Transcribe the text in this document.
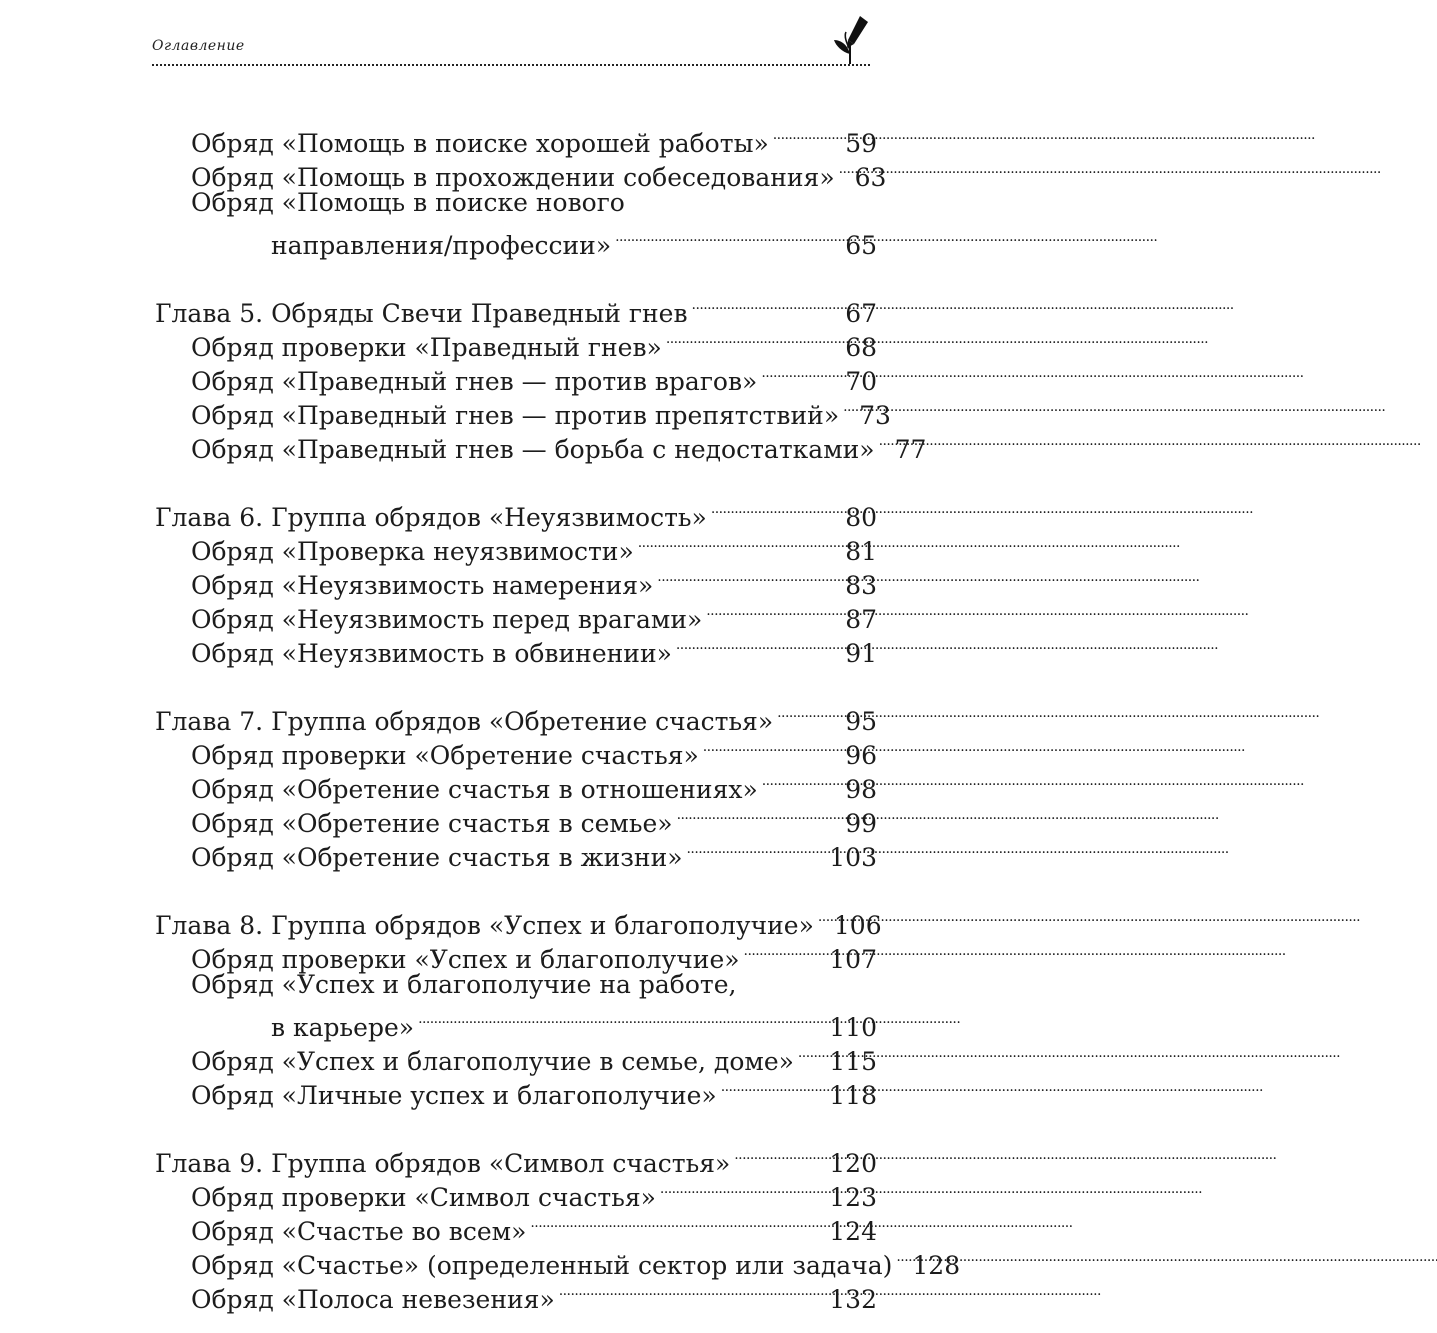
Оглавление
Обряд «Помощь в поиске хорошей работы» . . .	59
Обряд «Помощь в прохождении собеседования» . . . 63
Обряд «Помощь в поиске нового
направления/профессии» . . .	65
Глава 5. Обряды Свечи Праведный гнев . . .	67
Обряд проверки «Праведный гнев» . . .	68
Обряд «Праведный гнев — против врагов» . . .	70
Обряд «Праведный гнев — против препятствий» . . . 73
Обряд «Праведный гнев — борьба с недостатками» . . . 77
Глава 6. Группа обрядов «Неуязвимость» . . .	80
Обряд «Проверка неуязвимости» . . .	81
Обряд «Неуязвимость намерения» . . .	83
Обряд «Неуязвимость перед врагами» . . .	87
Обряд «Неуязвимость в обвинении» . . .	91
Глава 7. Группа обрядов «Обретение счастья» . . .	95
Обряд проверки «Обретение счастья» . . .	96
Обряд «Обретение счастья в отношениях» . . .	98
Обряд «Обретение счастья в семье» . . .	99
Обряд «Обретение счастья в жизни» . . .	103
Глава 8. Группа обрядов «Успех и благополучие» . . . 106
Обряд проверки «Успех и благополучие» . . .	107
Обряд «Успех и благополучие на работе,
в карьере» . . .	110
Обряд «Успех и благополучие в семье, доме» . . . 115
Обряд «Личные успех и благополучие» . . .	118
Глава 9. Группа обрядов «Символ счастья» . . .	120
Обряд проверки «Символ счастья» . . .	123
Обряд «Счастье во всем» . . .	124
Обряд «Счастье» (определенный сектор или задача) . . . 128
Обряд «Полоса невезения» . . .	132
